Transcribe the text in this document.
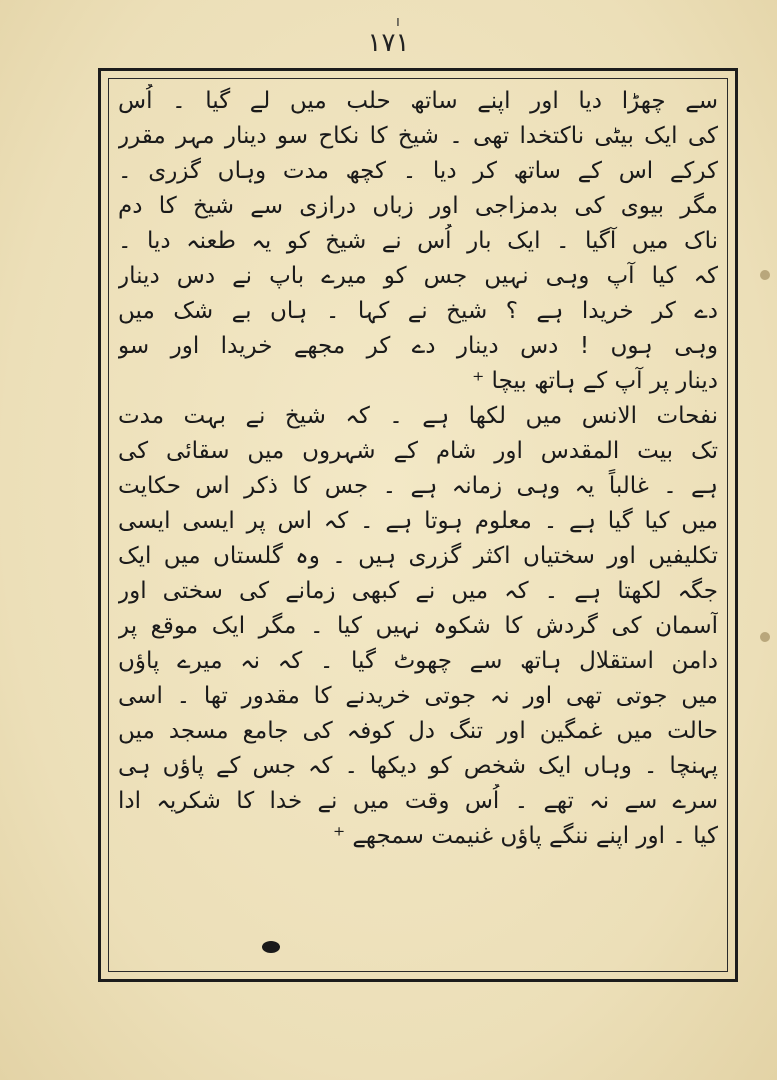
ı
۱۷۱
سے چھڑا دیا اور اپنے ساتھ حلب میں لے گیا ۔ اُس
کی ایک بیٹی ناکتخدا تھی ۔ شیخ کا نکاح سو دینار مہر مقرر
کرکے اس کے ساتھ کر دیا ۔ کچھ مدت وہاں گزری ۔
مگر بیوی کی بدمزاجی اور زباں درازی سے شیخ کا دم
ناک میں آگیا ۔ ایک بار اُس نے شیخ کو یہ طعنہ دیا ۔
کہ کیا آپ وہی نہیں جس کو میرے باپ نے دس دینار
دے کر خریدا ہے ؟ شیخ نے کہا ۔ ہاں بے شک میں
وہی ہوں ! دس دینار دے کر مجھے خریدا اور سو
دینار پر آپ کے ہاتھ بیچا ⁺
نفحات الانس میں لکھا ہے ۔ کہ شیخ نے بہت مدت
تک بیت المقدس اور شام کے شہروں میں سقائی کی
ہے ۔ غالباً یہ وہی زمانہ ہے ۔ جس کا ذکر اس حکایت
میں کیا گیا ہے ۔ معلوم ہوتا ہے ۔ کہ اس پر ایسی ایسی
تکلیفیں اور سختیاں اکثر گزری ہیں ۔ وہ گلستاں میں ایک
جگہ لکھتا ہے ۔ کہ میں نے کبھی زمانے کی سختی اور
آسمان کی گردش کا شکوہ نہیں کیا ۔ مگر ایک موقع پر
دامن استقلال ہاتھ سے چھوٹ گیا ۔ کہ نہ میرے پاؤں
میں جوتی تھی اور نہ جوتی خریدنے کا مقدور تھا ۔ اسی
حالت میں غمگین اور تنگ دل کوفہ کی جامع مسجد میں
پہنچا ۔ وہاں ایک شخص کو دیکھا ۔ کہ جس کے پاؤں ہی
سرے سے نہ تھے ۔ اُس وقت میں نے خدا کا شکریہ ادا
کیا ۔ اور اپنے ننگے پاؤں غنیمت سمجھے ⁺
